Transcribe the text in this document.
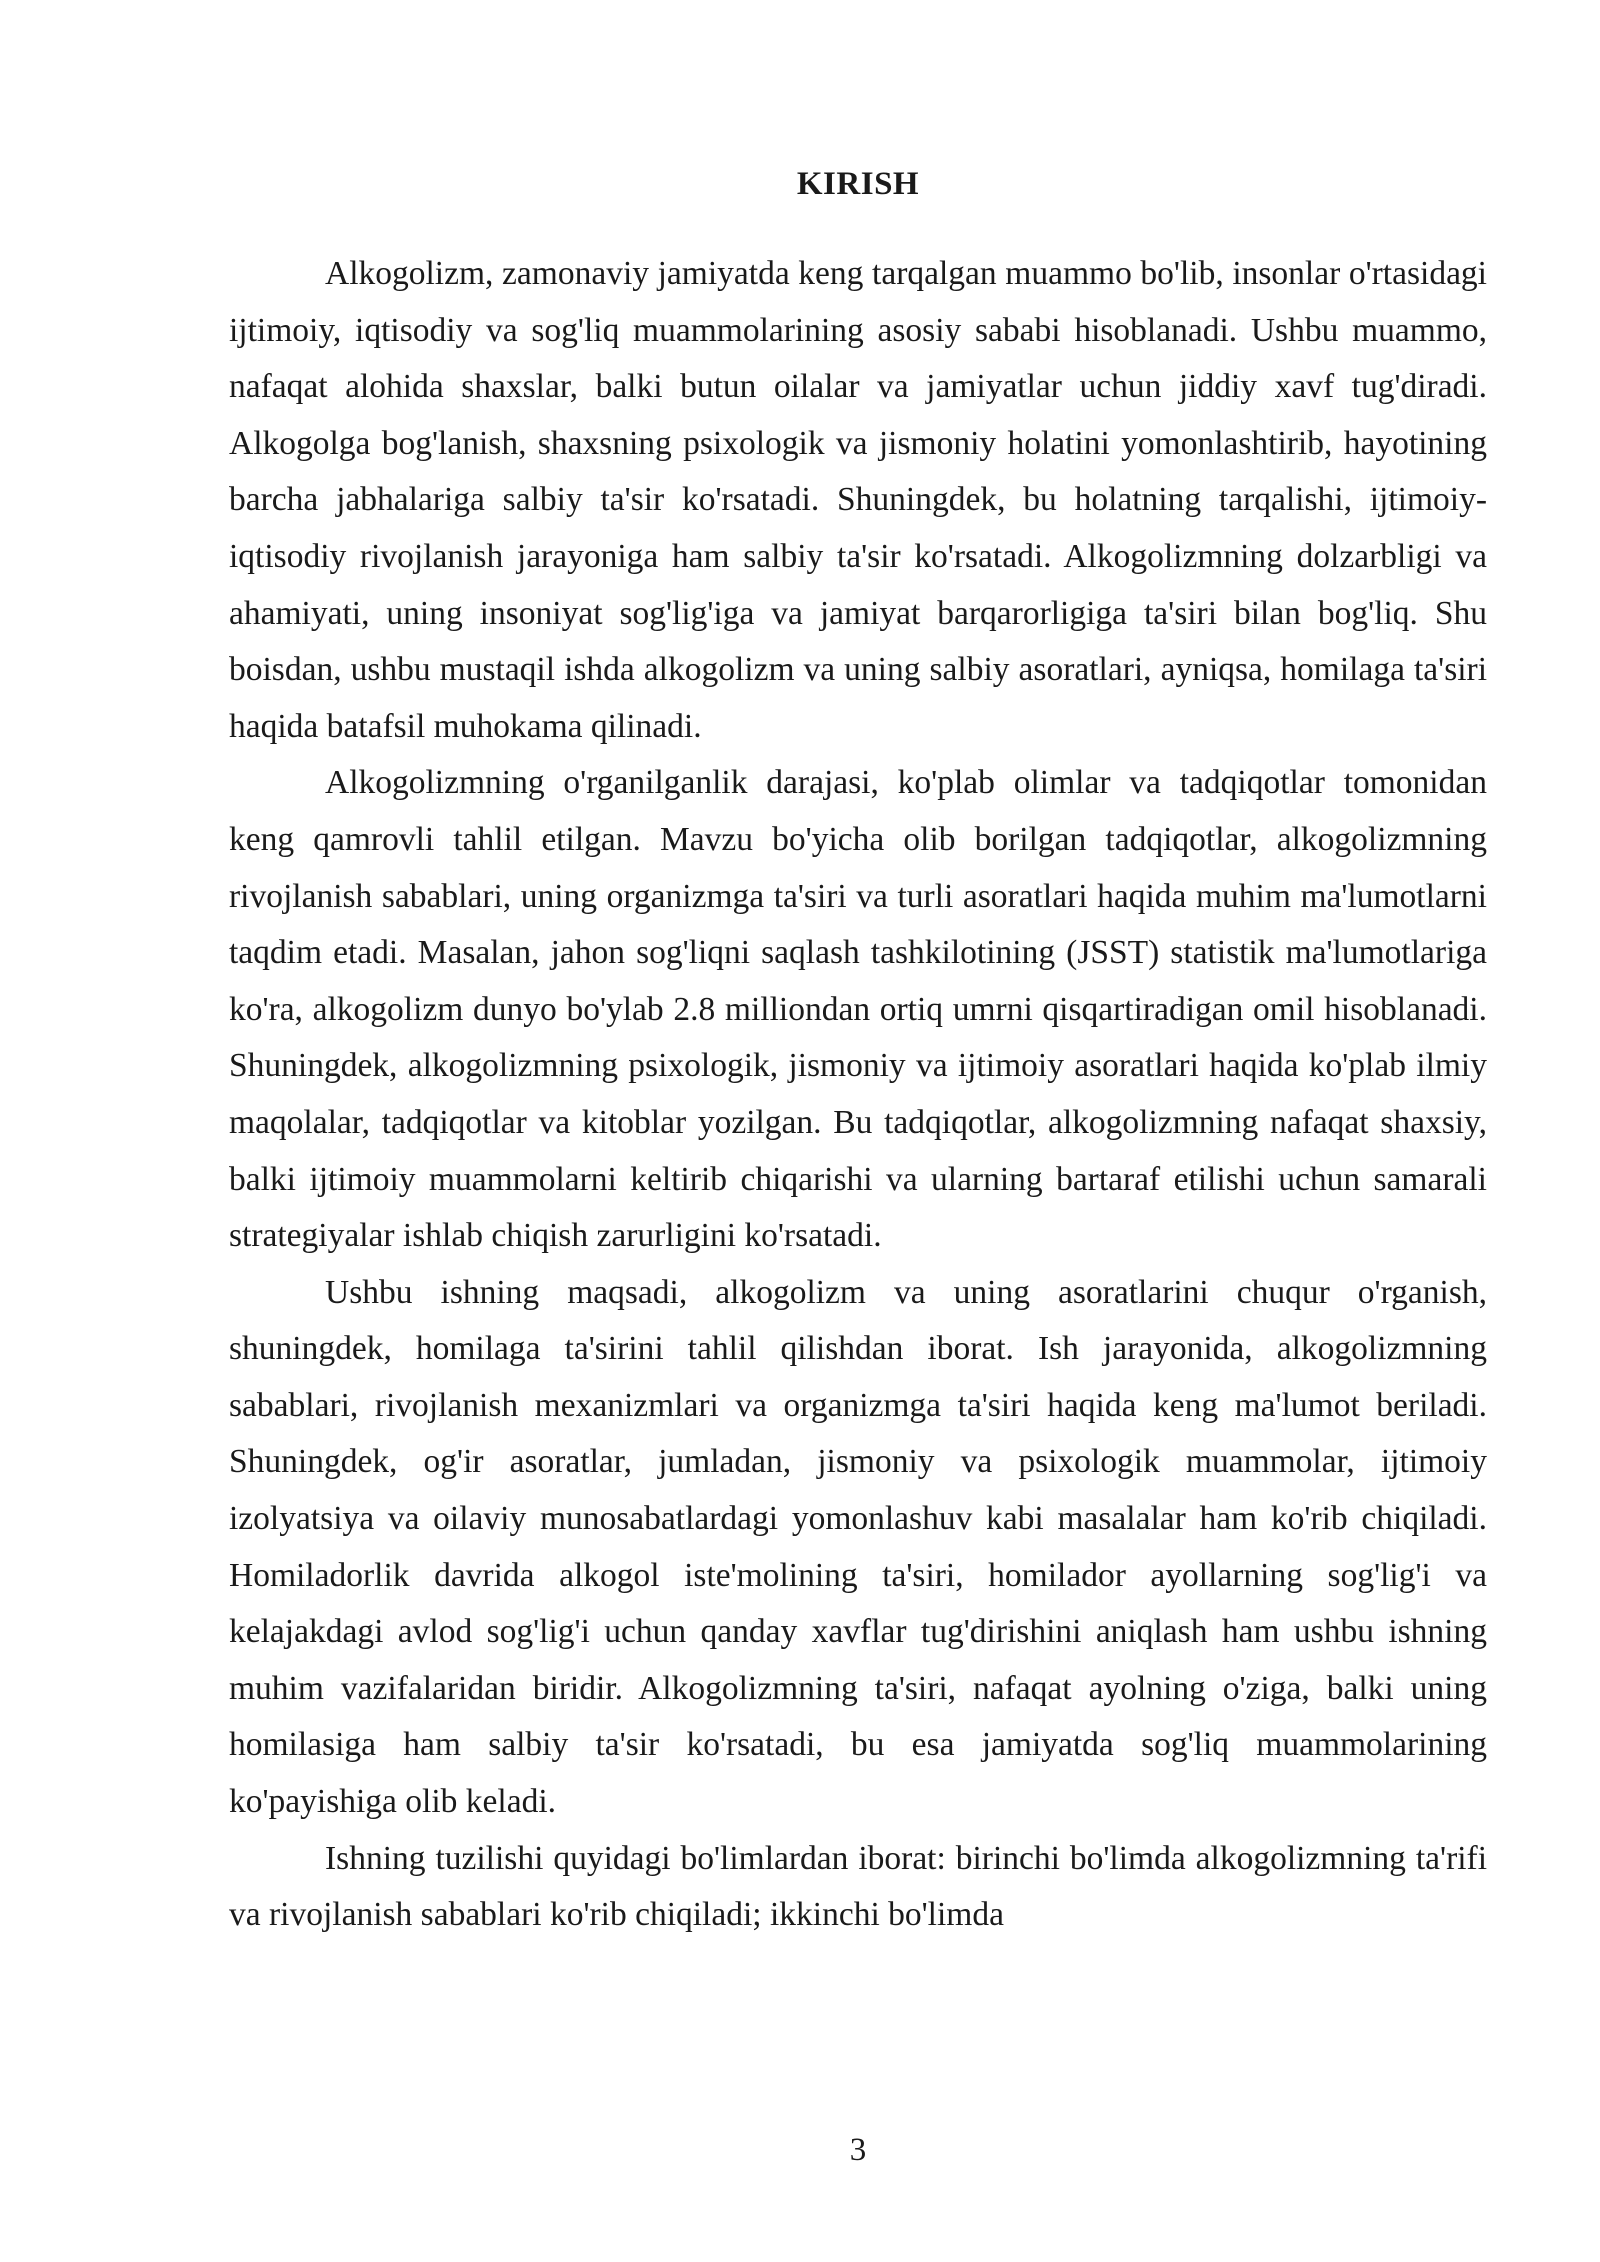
KIRISH

Alkogolizm, zamonaviy jamiyatda keng tarqalgan muammo bo'lib, insonlar o'rtasidagi ijtimoiy, iqtisodiy va sog'liq muammolarining asosiy sababi hisoblanadi. Ushbu muammo, nafaqat alohida shaxslar, balki butun oilalar va jamiyatlar uchun jiddiy xavf tug'diradi. Alkogolga bog'lanish, shaxsning psixologik va jismoniy holatini yomonlashtirib, hayotining barcha jabhalariga salbiy ta'sir ko'rsatadi. Shuningdek, bu holatning tarqalishi, ijtimoiy-iqtisodiy rivojlanish jarayoniga ham salbiy ta'sir ko'rsatadi. Alkogolizmning dolzarbligi va ahamiyati, uning insoniyat sog'lig'iga va jamiyat barqarorligiga ta'siri bilan bog'liq. Shu boisdan, ushbu mustaqil ishda alkogolizm va uning salbiy asoratlari, ayniqsa, homilaga ta'siri haqida batafsil muhokama qilinadi.

Alkogolizmning o'rganilganlik darajasi, ko'plab olimlar va tadqiqotlar tomonidan keng qamrovli tahlil etilgan. Mavzu bo'yicha olib borilgan tadqiqotlar, alkogolizmning rivojlanish sabablari, uning organizmga ta'siri va turli asoratlari haqida muhim ma'lumotlarni taqdim etadi. Masalan, jahon sog'liqni saqlash tashkilotining (JSST) statistik ma'lumotlariga ko'ra, alkogolizm dunyo bo'ylab 2.8 milliondan ortiq umrni qisqartiradigan omil hisoblanadi. Shuningdek, alkogolizmning psixologik, jismoniy va ijtimoiy asoratlari haqida ko'plab ilmiy maqolalar, tadqiqotlar va kitoblar yozilgan. Bu tadqiqotlar, alkogolizmning nafaqat shaxsiy, balki ijtimoiy muammolarni keltirib chiqarishi va ularning bartaraf etilishi uchun samarali strategiyalar ishlab chiqish zarurligini ko'rsatadi.

Ushbu ishning maqsadi, alkogolizm va uning asoratlarini chuqur o'rganish, shuningdek, homilaga ta'sirini tahlil qilishdan iborat. Ish jarayonida, alkogolizmning sabablari, rivojlanish mexanizmlari va organizmga ta'siri haqida keng ma'lumot beriladi. Shuningdek, og'ir asoratlar, jumladan, jismoniy va psixologik muammolar, ijtimoiy izolyatsiya va oilaviy munosabatlardagi yomonlashuv kabi masalalar ham ko'rib chiqiladi. Homiladorlik davrida alkogol iste'molining ta'siri, homilador ayollarning sog'lig'i va kelajakdagi avlod sog'lig'i uchun qanday xavflar tug'dirishini aniqlash ham ushbu ishning muhim vazifalaridan biridir. Alkogolizmning ta'siri, nafaqat ayolning o'ziga, balki uning homilasiga ham salbiy ta'sir ko'rsatadi, bu esa jamiyatda sog'liq muammolarining ko'payishiga olib keladi.

Ishning tuzilishi quyidagi bo'limlardan iborat: birinchi bo'limda alkogolizmning ta'rifi va rivojlanish sabablari ko'rib chiqiladi; ikkinchi bo'limda

3
